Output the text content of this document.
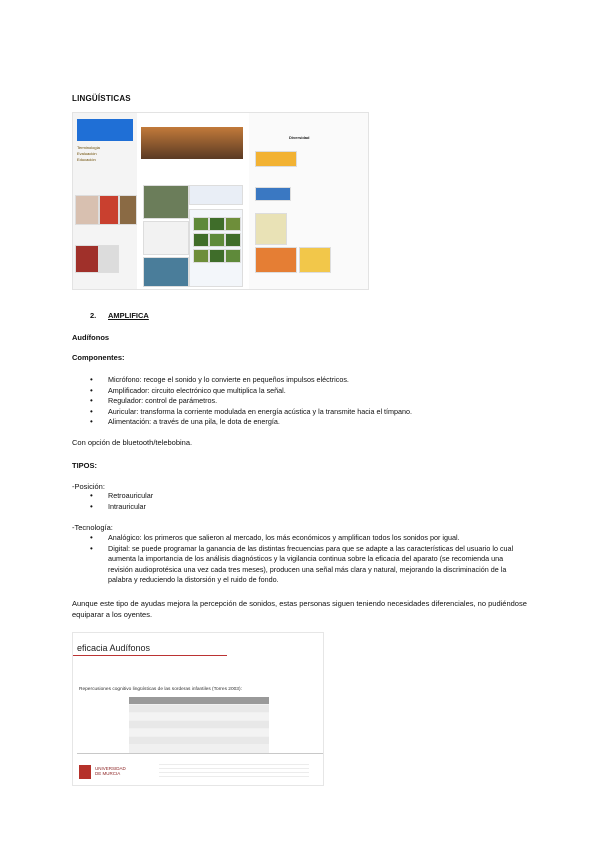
LINGÜÍSTICAS
Terminología
Evaluación
Educación
Diversidad
2. AMPLIFICA
Audífonos
Componentes:
• Micrófono: recoge el sonido y lo convierte en pequeños impulsos eléctricos.
• Amplificador: circuito electrónico que multiplica la señal.
• Regulador: control de parámetros.
• Auricular: transforma la corriente modulada en energía acústica y la transmite hacia el tímpano.
• Alimentación: a través de una pila, le dota de energía.
Con opción de bluetooth/telebobina.
TIPOS:
-Posición:
• Retroauricular
• Intrauricular
-Tecnología:
• Analógico: los primeros que salieron al mercado, los más económicos y amplifican todos los sonidos por igual.
• Digital: se puede programar la ganancia de las distintas frecuencias para que se adapte a las características del usuario lo cual aumenta la importancia de los análisis diagnósticos y la vigilancia continua sobre la eficacia del aparato (se recomienda una revisión audioprotésica una vez cada tres meses), producen una señal más clara y natural, mejorando la discriminación de la palabra y reduciendo la distorsión y el ruido de fondo.
Aunque este tipo de ayudas mejora la percepción de sonidos, estas personas siguen teniendo necesidades diferenciales, no pudiéndose equiparar a los oyentes.
eficacia Audífonos
Repercusiones cognitivo lingüísticas de las sorderas infantiles (Torres 2003):
UNIVERSIDAD DE MURCIA
